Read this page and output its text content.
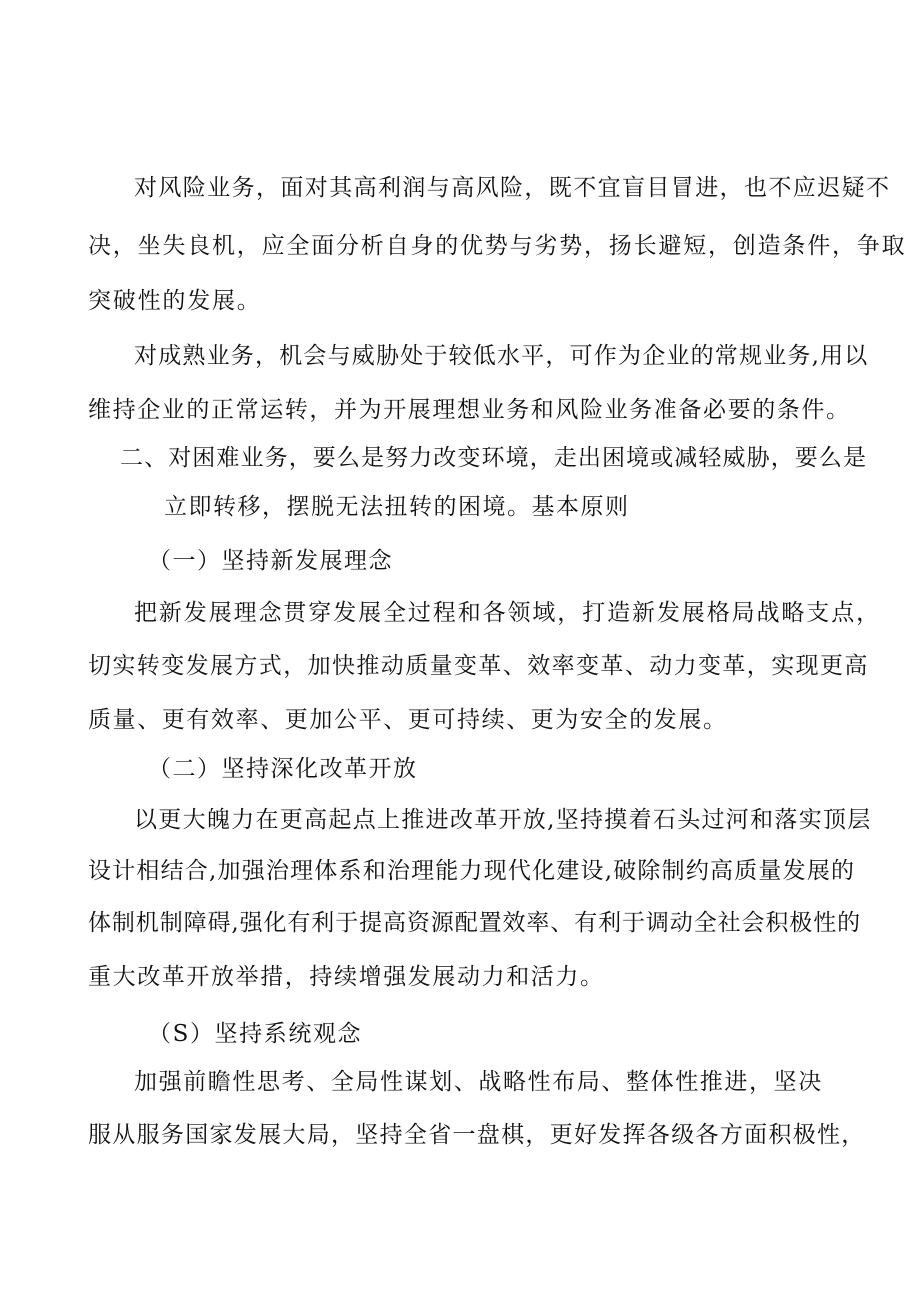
对风险业务，面对其高利润与高风险，既不宜盲目冒进，也不应迟疑不
决，坐失良机，应全面分析自身的优势与劣势，扬长避短，创造条件，争取
突破性的发展。
对成熟业务，机会与威胁处于较低水平，可作为企业的常规业务,用以
维持企业的正常运转，并为开展理想业务和风险业务准备必要的条件。
二、对困难业务，要么是努力改变环境，走出困境或减轻威胁，要么是
立即转移，摆脱无法扭转的困境。基本原则
（一）坚持新发展理念
把新发展理念贯穿发展全过程和各领域，打造新发展格局战略支点，
切实转变发展方式，加快推动质量变革、效率变革、动力变革，实现更高
质量、更有效率、更加公平、更可持续、更为安全的发展。
（二）坚持深化改革开放
以更大魄力在更高起点上推进改革开放,坚持摸着石头过河和落实顶层
设计相结合,加强治理体系和治理能力现代化建设,破除制约高质量发展的
体制机制障碍,强化有利于提高资源配置效率、有利于调动全社会积极性的
重大改革开放举措，持续增强发展动力和活力。
（S）坚持系统观念
加强前瞻性思考、全局性谋划、战略性布局、整体性推进，坚决
服从服务国家发展大局，坚持全省一盘棋，更好发挥各级各方面积极性，
